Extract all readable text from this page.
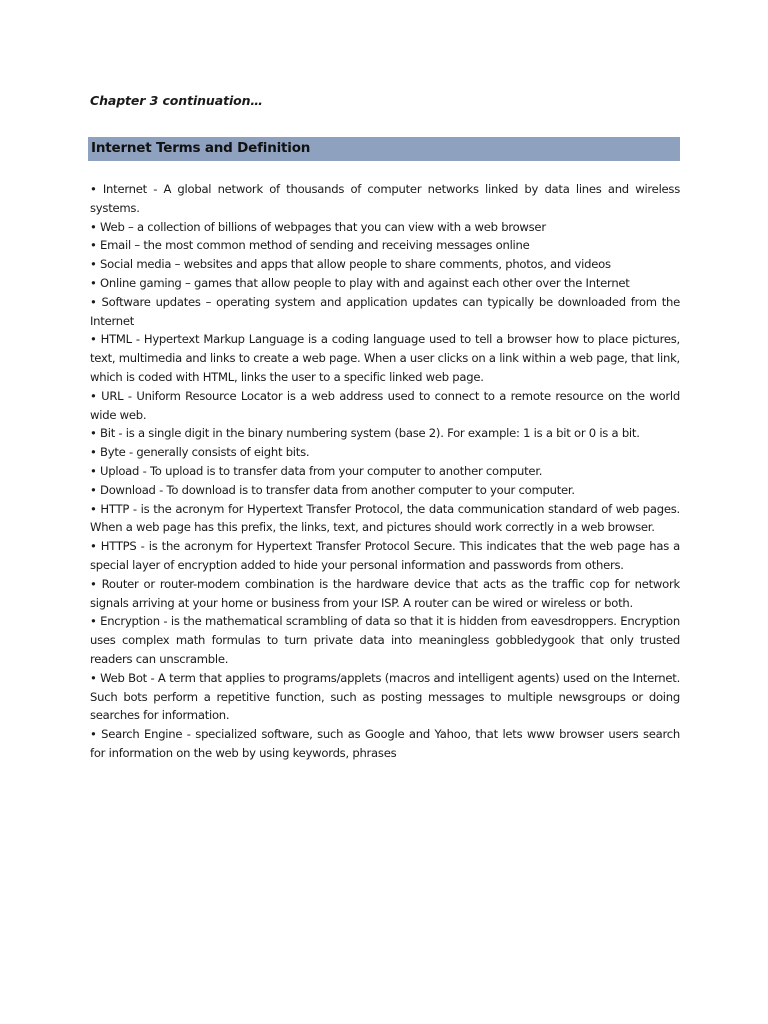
Chapter 3 continuation…
Internet Terms and Definition

• Internet - A global network of thousands of computer networks linked by data lines and wireless systems.

• Web – a collection of billions of webpages that you can view with a web browser

• Email – the most common method of sending and receiving messages online

• Social media – websites and apps that allow people to share comments, photos, and videos

• Online gaming – games that allow people to play with and against each other over the Internet

• Software updates – operating system and application updates can typically be downloaded from the Internet

• HTML - Hypertext Markup Language is a coding language used to tell a browser how to place pictures, text, multimedia and links to create a web page. When a user clicks on a link within a web page, that link, which is coded with HTML, links the user to a specific linked web page.

• URL - Uniform Resource Locator is a web address used to connect to a remote resource on the world wide web.

• Bit - is a single digit in the binary numbering system (base 2). For example: 1 is a bit or 0 is a bit.

• Byte - generally consists of eight bits.

• Upload - To upload is to transfer data from your computer to another computer.

• Download - To download is to transfer data from another computer to your computer.

• HTTP - is the acronym for Hypertext Transfer Protocol, the data communication standard of web pages. When a web page has this prefix, the links, text, and pictures should work correctly in a web browser.

• HTTPS - is the acronym for Hypertext Transfer Protocol Secure. This indicates that the web page has a special layer of encryption added to hide your personal information and passwords from others.

• Router or router-modem combination is the hardware device that acts as the traffic cop for network signals arriving at your home or business from your ISP. A router can be wired or wireless or both.

• Encryption - is the mathematical scrambling of data so that it is hidden from eavesdroppers. Encryption uses complex math formulas to turn private data into meaningless gobbledygook that only trusted readers can unscramble.

• Web Bot - A term that applies to programs/applets (macros and intelligent agents) used on the Internet. Such bots perform a repetitive function, such as posting messages to multiple newsgroups or doing searches for information.

• Search Engine - specialized software, such as Google and Yahoo, that lets www browser users search for information on the web by using keywords, phrases
